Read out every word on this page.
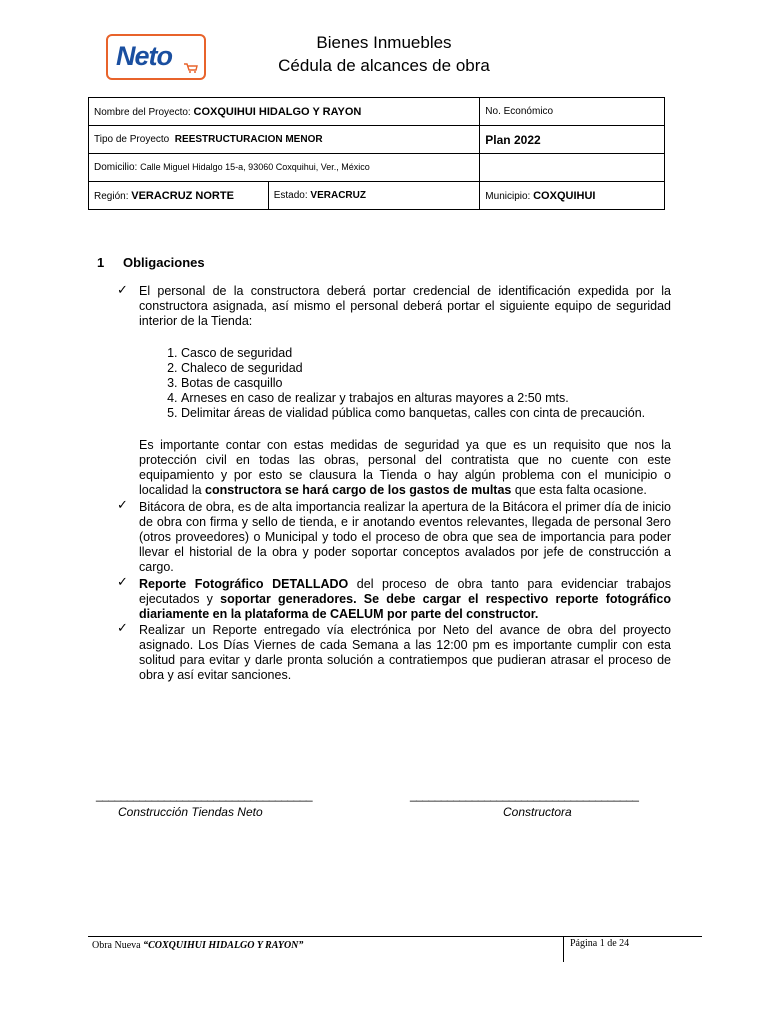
Neto	Bienes Inmuebles
Cédula de alcances de obra
Nombre del Proyecto: COXQUIHUI HIDALGO Y RAYON		No. Económico
Tipo de Proyecto REESTRUCTURACION MENOR		Plan 2022
Domicilio: Calle Miguel Hidalgo 15-a, 93060 Coxquihui, Ver., México		
Región: VERACRUZ NORTE	Estado: VERACRUZ	Municipio: COXQUIHUI
1 Obligaciones
✓ El personal de la constructora deberá portar credencial de identificación expedida por la constructora asignada, así mismo el personal deberá portar el siguiente equipo de seguridad interior de la Tienda:
1. Casco de seguridad
2. Chaleco de seguridad
3. Botas de casquillo
4. Arneses en caso de realizar y trabajos en alturas mayores a 2:50 mts.
5. Delimitar áreas de vialidad pública como banquetas, calles con cinta de precaución.
Es importante contar con estas medidas de seguridad ya que es un requisito que nos la protección civil en todas las obras, personal del contratista que no cuente con este equipamiento y por esto se clausura la Tienda o hay algún problema con el municipio o localidad la constructora se hará cargo de los gastos de multas que esta falta ocasione.
✓ Bitácora de obra, es de alta importancia realizar la apertura de la Bitácora el primer día de inicio de obra con firma y sello de tienda, e ir anotando eventos relevantes, llegada de personal 3ero (otros proveedores) o Municipal y todo el proceso de obra que sea de importancia para poder llevar el historial de la obra y poder soportar conceptos avalados por jefe de construcción a cargo.
✓ Reporte Fotográfico DETALLADO del proceso de obra tanto para evidenciar trabajos ejecutados y soportar generadores. Se debe cargar el respectivo reporte fotográfico diariamente en la plataforma de CAELUM por parte del constructor.
✓ Realizar un Reporte entregado vía electrónica por Neto del avance de obra del proyecto asignado. Los Días Viernes de cada Semana a las 12:00 pm es importante cumplir con esta solitud para evitar y darle pronta solución a contratiempos que pudieran atrasar el proceso de obra y así evitar sanciones.
___________________________________	_____________________________________
Construcción Tiendas Neto	Constructora
Obra Nueva “COXQUIHUI HIDALGO Y RAYON”	Página 1 de 24
